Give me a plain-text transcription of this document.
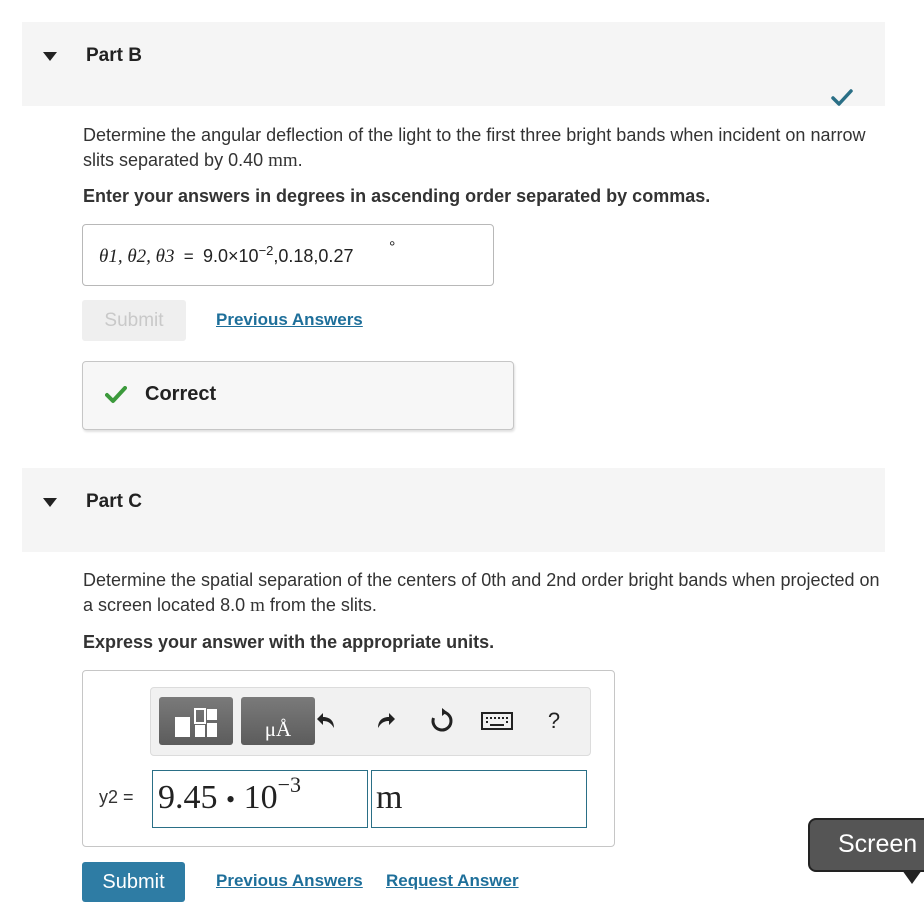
Part B
Determine the angular deflection of the light to the first three bright bands when incident on narrow slits separated by 0.40 mm.
Enter your answers in degrees in ascending order separated by commas.
θ1, θ2, $\theta 3 = 9.0\times 10^{-2},0.18,0.27$ °
Submit	Previous Answers
Correct
Part C
Determine the spatial separation of the centers of 0th and 2nd order bright bands when projected on a screen located 8.0 m from the slits.
Express your answer with the appropriate units.
μÅ	?
y2 = 9.45 • $10^{-3}$ m
Submit	Previous Answers Request Answer
Screen
